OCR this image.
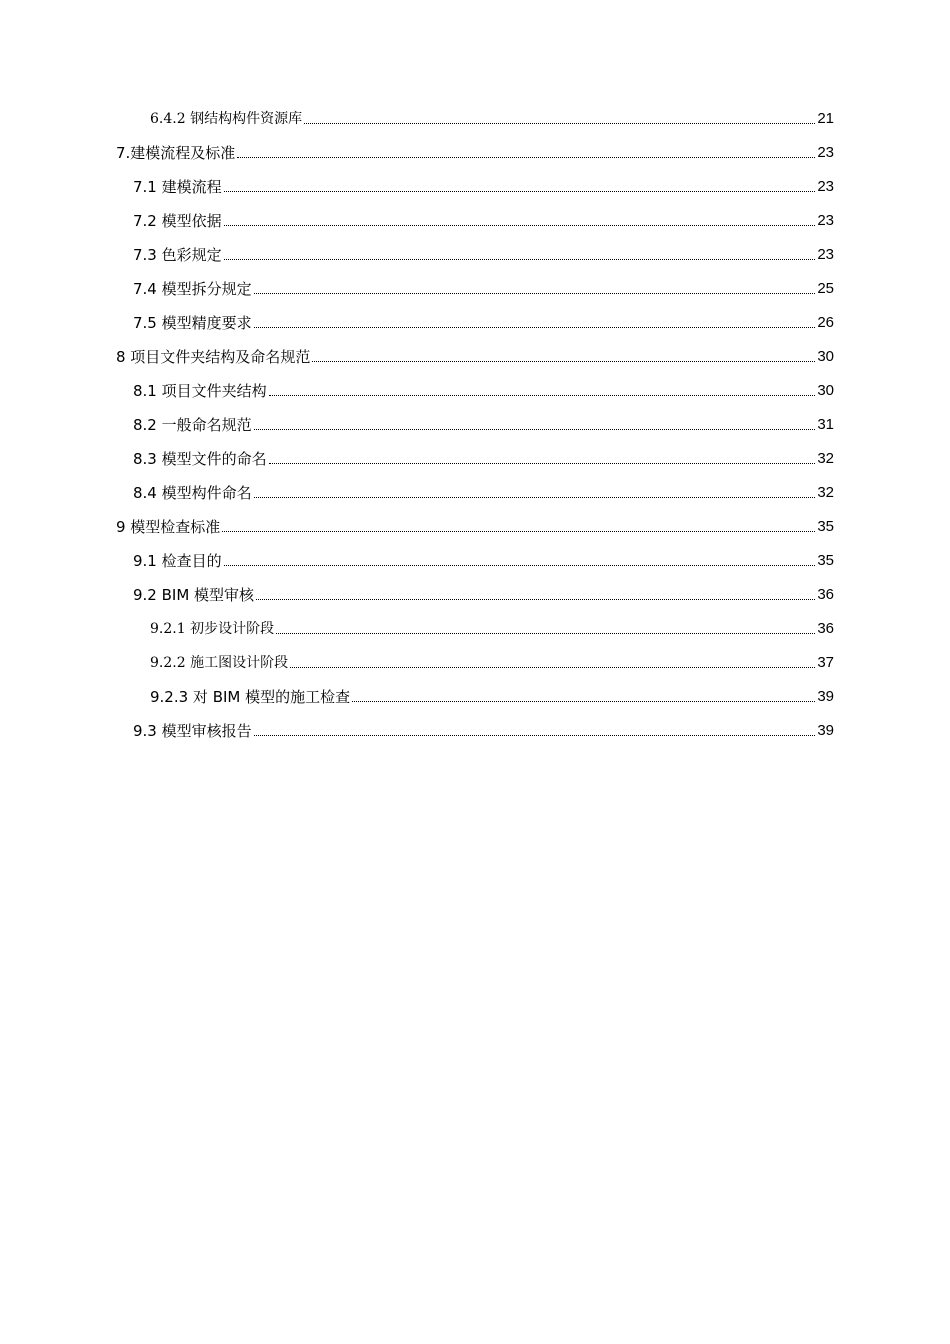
6.4.2 钢结构构件资源库	21
7.建模流程及标准	23
7.1 建模流程	23
7.2 模型依据	23
7.3 色彩规定	23
7.4 模型拆分规定	25
7.5 模型精度要求	26
8 项目文件夹结构及命名规范	30
8.1 项目文件夹结构	30
8.2 一般命名规范	31
8.3 模型文件的命名	32
8.4 模型构件命名	32
9 模型检查标准	35
9.1 检查目的	35
9.2 BIM 模型审核	36
9.2.1 初步设计阶段	36
9.2.2 施工图设计阶段	37
9.2.3 对 BIM 模型的施工检查	39
9.3 模型审核报告	39
